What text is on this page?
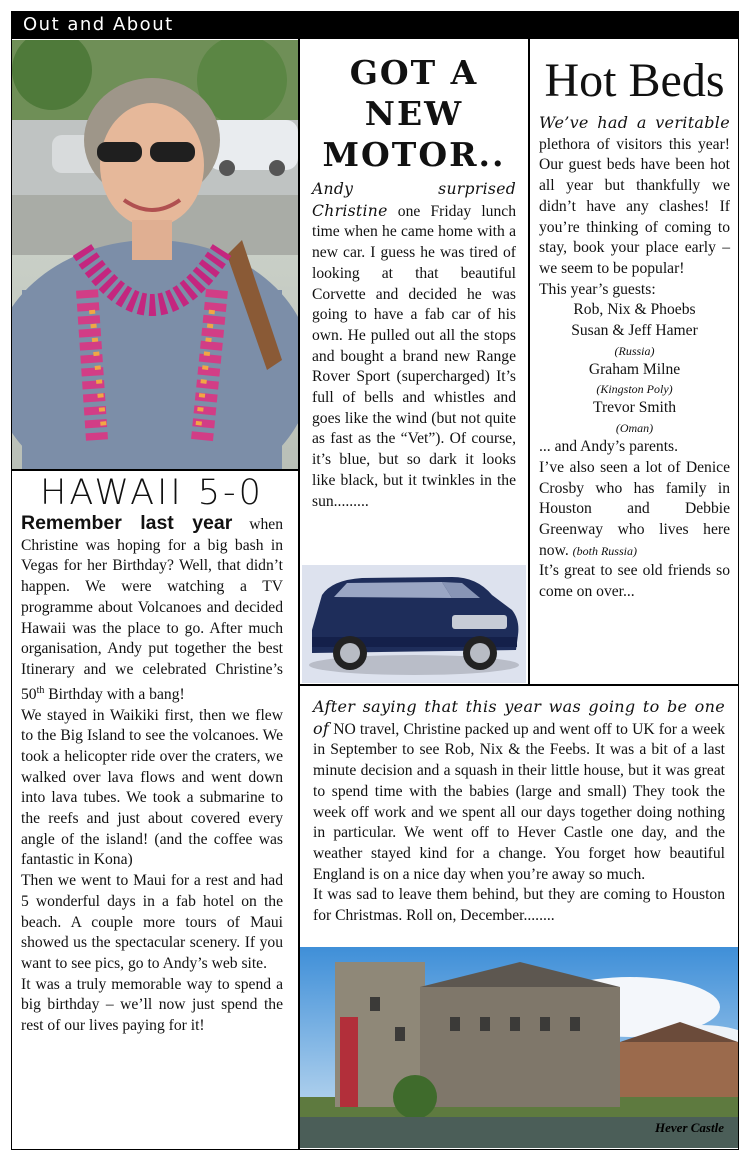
Out and About
HAWAII 5-0

Remember last year when Christine was hoping for a big bash in Vegas for her Birthday? Well, that didn’t happen. We were watching a TV programme about Volcanoes and decided Hawaii was the place to go. After much organisation, Andy put together the best Itinerary and we celebrated Christine’s 50th Birthday with a bang!

We stayed in Waikiki first, then we flew to the Big Island to see the volcanoes. We took a helicopter ride over the craters, we walked over lava flows and went down into lava tubes. We took a submarine to the reefs and just about covered every angle of the island! (and the coffee was fantastic in Kona)

Then we went to Maui for a rest and had 5 wonderful days in a fab hotel on the beach. A couple more tours of Maui showed us the spectacular scenery. If you want to see pics, go to Andy’s web site.

It was a truly memorable way to spend a big birthday – we’ll now just spend the rest of our lives paying for it!

GOT A NEW MOTOR..

Andy surprised Christine one Friday lunch time when he came home with a new car. I guess he was tired of looking at that beautiful Corvette and decided he was going to have a fab car of his own. He pulled out all the stops and bought a brand new Range Rover Sport (supercharged) It’s full of bells and whistles and goes like the wind (but not quite as fast as the “Vet”). Of course, it’s blue, but so dark it looks like black, but it twinkles in the sun.........

Hot Beds

We’ve had a veritable plethora of visitors this year! Our guest beds have been hot all year but thankfully we didn’t have any clashes! If you’re thinking of coming to stay, book your place early – we seem to be popular!

This year’s guests:

Rob, Nix & Phoebs
Susan & Jeff Hamer
(Russia)
Graham Milne
(Kingston Poly)
Trevor Smith
(Oman)

... and Andy’s parents.

I’ve also seen a lot of Denice Crosby who has family in Houston and Debbie Greenway who lives here now. (both Russia)

It’s great to see old friends so come on over...

After saying that this year was going to be one of NO travel, Christine packed up and went off to UK for a week in September to see Rob, Nix & the Feebs. It was a bit of a last minute decision and a squash in their little house, but it was great to spend time with the babies (large and small) They took the week off work and we spent all our days together doing nothing in particular. We went off to Hever Castle one day, and the weather stayed kind for a change. You forget how beautiful England is on a nice day when you’re away so much.

It was sad to leave them behind, but they are coming to Houston for Christmas. Roll on, December........

Hever Castle
